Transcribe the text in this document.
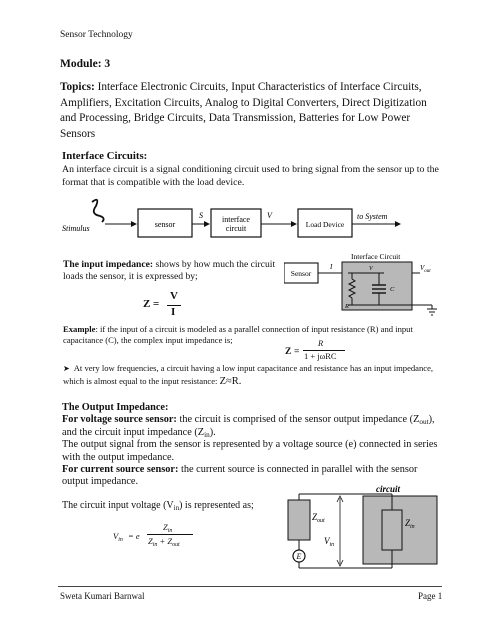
Sensor Technology
Module: 3
Topics: Interface Electronic Circuits, Input Characteristics of Interface Circuits, Amplifiers, Excitation Circuits, Analog to Digital Converters, Direct Digitization and Processing, Bridge Circuits, Data Transmission, Batteries for Low Power Sensors
Interface Circuits:
An interface circuit is a signal conditioning circuit used to bring signal from the sensor up to the format that is compatible with the load device.
Stimulus	sensor
S interface
circuit
V
Load Device
to System
The input impedance: shows by how much the circuit loads the sensor, it is expressed by;
Z =
V
I
Interface Circuit
Sensor
I	V
R
C
$V_{out}$
Example: if the input of a circuit is modeled as a parallel connection of input resistance (R) and input capacitance (C), the complex input impedance is;
Z =
R
1 + jωRC
➤ At very low frequencies, a circuit having a low input capacitance and resistance has an input impedance, which is almost equal to the input resistance: Z≈R.
The Output Impedance:
For voltage source sensor: the circuit is comprised of the sensor output impedance $(Z_{out})$, and the circuit input impedance $(Z_{in})$.
The output signal from the sensor is represented by a voltage source (e) connected in series with the output impedance.
For current source sensor: the current source is connected in parallel with the sensor output impedance.
The circuit input voltage $(V_{in})$ is represented as;
$V_{in} = e$
$Z_{in}$
$Z_{in} + Z_{out}$
circuit
$Z_{out}$
E
$Z_{in}$
$V_{in}$
Sweta Kumari Barnwal	Page 1
